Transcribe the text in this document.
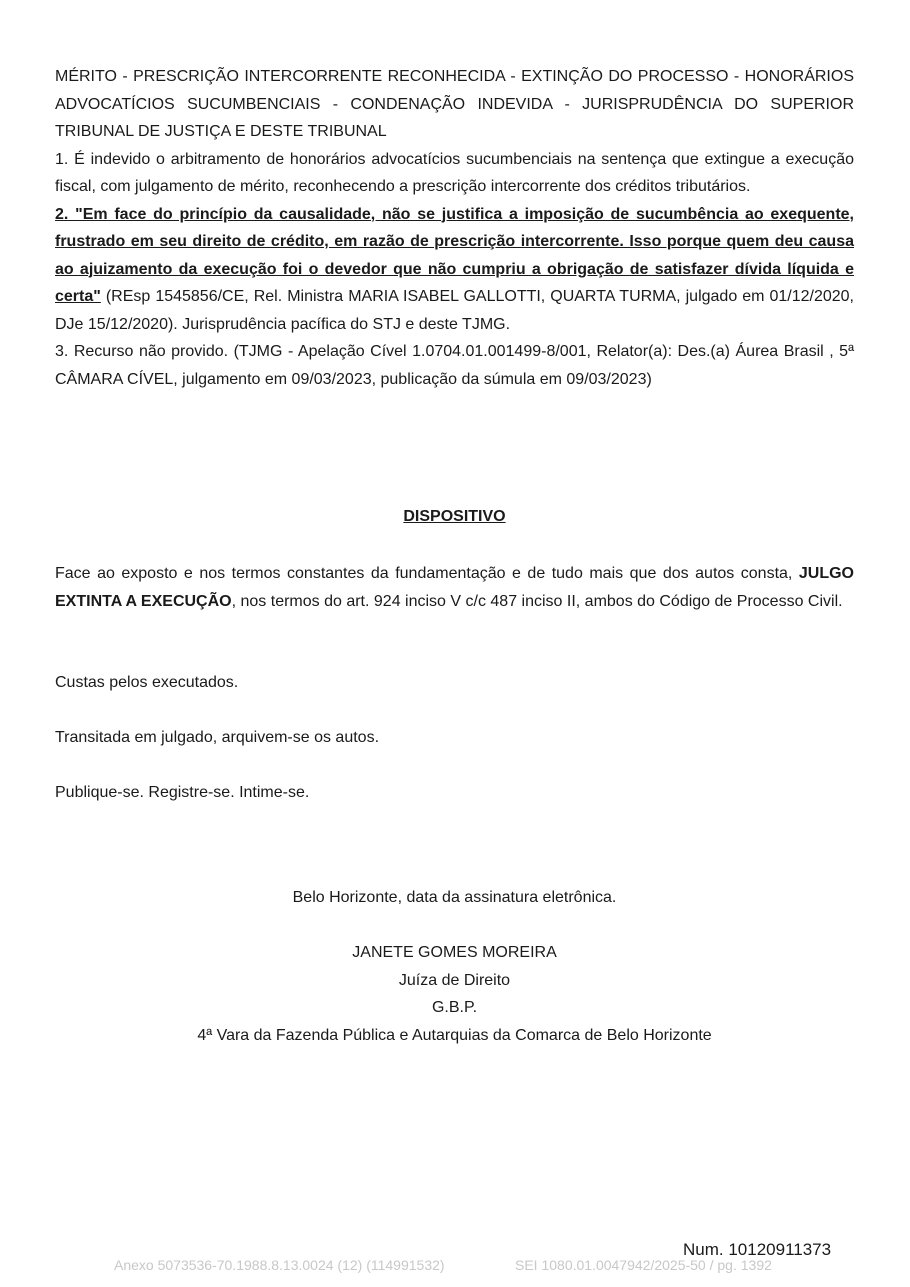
MÉRITO - PRESCRIÇÃO INTERCORRENTE RECONHECIDA - EXTINÇÃO DO PROCESSO - HONORÁRIOS ADVOCATÍCIOS SUCUMBENCIAIS - CONDENAÇÃO INDEVIDA - JURISPRUDÊNCIA DO SUPERIOR TRIBUNAL DE JUSTIÇA E DESTE TRIBUNAL

1. É indevido o arbitramento de honorários advocatícios sucumbenciais na sentença que extingue a execução fiscal, com julgamento de mérito, reconhecendo a prescrição intercorrente dos créditos tributários.

2. "Em face do princípio da causalidade, não se justifica a imposição de sucumbência ao exequente, frustrado em seu direito de crédito, em razão de prescrição intercorrente. Isso porque quem deu causa ao ajuizamento da execução foi o devedor que não cumpriu a obrigação de satisfazer dívida líquida e certa" (REsp 1545856/CE, Rel. Ministra MARIA ISABEL GALLOTTI, QUARTA TURMA, julgado em 01/12/2020, DJe 15/12/2020). Jurisprudência pacífica do STJ e deste TJMG.

3. Recurso não provido. (TJMG - Apelação Cível 1.0704.01.001499-8/001, Relator(a): Des.(a) Áurea Brasil , 5ª CÂMARA CÍVEL, julgamento em 09/03/2023, publicação da súmula em 09/03/2023)

DISPOSITIVO

Face ao exposto e nos termos constantes da fundamentação e de tudo mais que dos autos consta, JULGO EXTINTA A EXECUÇÃO, nos termos do art. 924 inciso V c/c 487 inciso II, ambos do Código de Processo Civil.

Custas pelos executados.

Transitada em julgado, arquivem-se os autos.

Publique-se. Registre-se. Intime-se.

Belo Horizonte, data da assinatura eletrônica.
JANETE GOMES MOREIRA
Juíza de Direito
G.B.P.
4ª Vara da Fazenda Pública e Autarquias da Comarca de Belo Horizonte
Num. 10120911373
Anexo 5073536-70.1988.8.13.0024 (12) (114991532)	SEI 1080.01.0047942/2025-50 / pg. 1392
